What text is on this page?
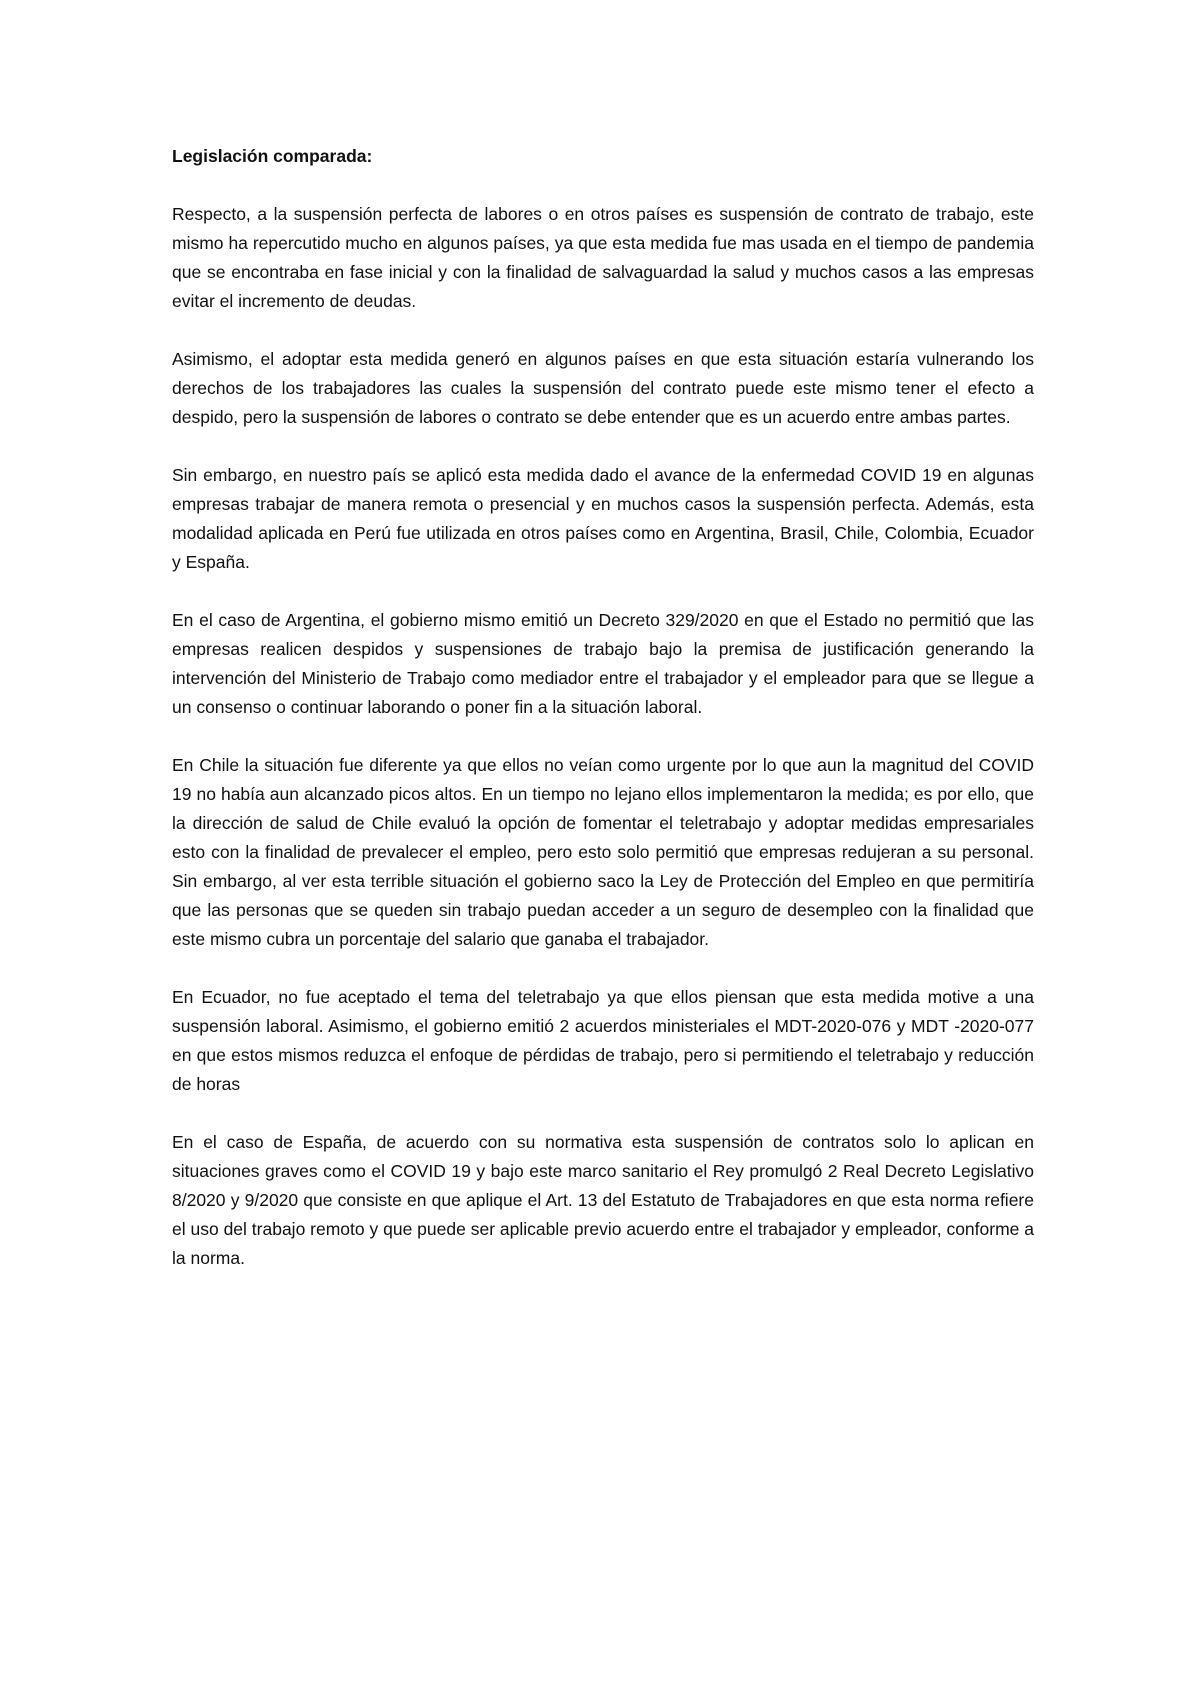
Legislación comparada:

Respecto, a la suspensión perfecta de labores o en otros países es suspensión de contrato de trabajo, este mismo ha repercutido mucho en algunos países, ya que esta medida fue mas usada en el tiempo de pandemia que se encontraba en fase inicial y con la finalidad de salvaguardad la salud y muchos casos a las empresas evitar el incremento de deudas.

Asimismo, el adoptar esta medida generó en algunos países en que esta situación estaría vulnerando los derechos de los trabajadores las cuales la suspensión del contrato puede este mismo tener el efecto a despido, pero la suspensión de labores o contrato se debe entender que es un acuerdo entre ambas partes.

Sin embargo, en nuestro país se aplicó esta medida dado el avance de la enfermedad COVID 19 en algunas empresas trabajar de manera remota o presencial y en muchos casos la suspensión perfecta. Además, esta modalidad aplicada en Perú fue utilizada en otros países como en Argentina, Brasil, Chile, Colombia, Ecuador y España.

En el caso de Argentina, el gobierno mismo emitió un Decreto 329/2020 en que el Estado no permitió que las empresas realicen despidos y suspensiones de trabajo bajo la premisa de justificación generando la intervención del Ministerio de Trabajo como mediador entre el trabajador y el empleador para que se llegue a un consenso o continuar laborando o poner fin a la situación laboral.

En Chile la situación fue diferente ya que ellos no veían como urgente por lo que aun la magnitud del COVID 19 no había aun alcanzado picos altos. En un tiempo no lejano ellos implementaron la medida; es por ello, que la dirección de salud de Chile evaluó la opción de fomentar el teletrabajo y adoptar medidas empresariales esto con la finalidad de prevalecer el empleo, pero esto solo permitió que empresas redujeran a su personal. Sin embargo, al ver esta terrible situación el gobierno saco la Ley de Protección del Empleo en que permitiría que las personas que se queden sin trabajo puedan acceder a un seguro de desempleo con la finalidad que este mismo cubra un porcentaje del salario que ganaba el trabajador.

En Ecuador, no fue aceptado el tema del teletrabajo ya que ellos piensan que esta medida motive a una suspensión laboral. Asimismo, el gobierno emitió 2 acuerdos ministeriales el MDT-2020-076 y MDT -2020-077 en que estos mismos reduzca el enfoque de pérdidas de trabajo, pero si permitiendo el teletrabajo y reducción de horas

En el caso de España, de acuerdo con su normativa esta suspensión de contratos solo lo aplican en situaciones graves como el COVID 19 y bajo este marco sanitario el Rey promulgó 2 Real Decreto Legislativo 8/2020 y 9/2020 que consiste en que aplique el Art. 13 del Estatuto de Trabajadores en que esta norma refiere el uso del trabajo remoto y que puede ser aplicable previo acuerdo entre el trabajador y empleador, conforme a la norma.
